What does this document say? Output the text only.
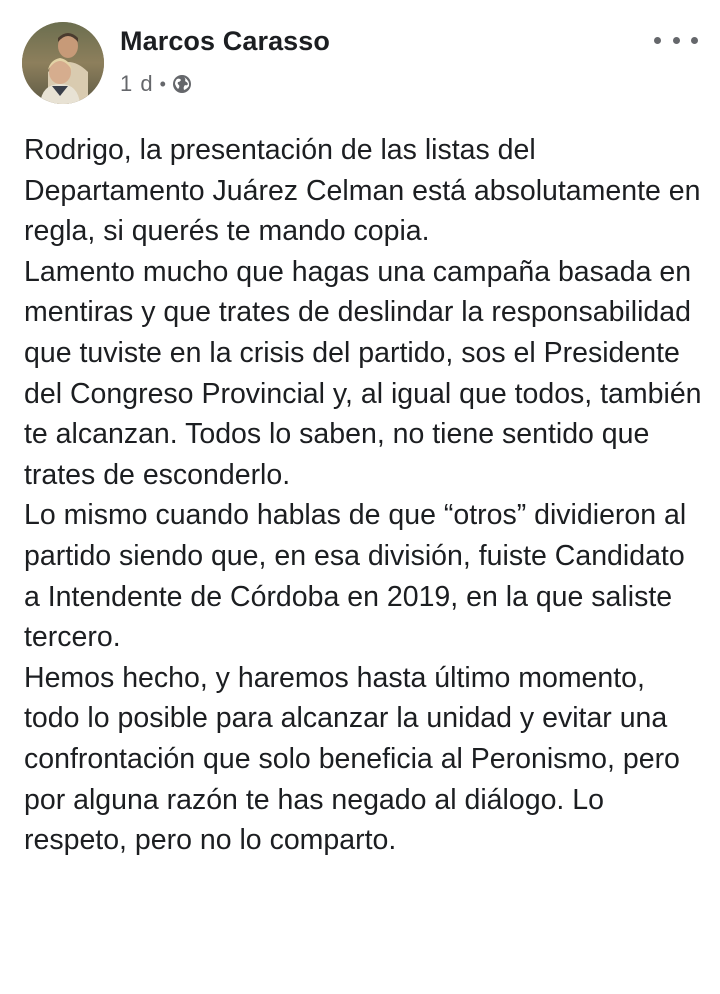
Marcos Carasso
1 d •

Rodrigo, la presentación de las listas del Departamento Juárez Celman está absolutamente en regla, si querés te mando copia.

Lamento mucho que hagas una campaña basada en mentiras y que trates de deslindar la responsabilidad que tuviste en la crisis del partido, sos el Presidente del Congreso Provincial y, al igual que todos, también te alcanzan. Todos lo saben, no tiene sentido que trates de esconderlo.

Lo mismo cuando hablas de que “otros” dividieron al partido siendo que, en esa división, fuiste Candidato a Intendente de Córdoba en 2019, en la que saliste tercero.

Hemos hecho, y haremos hasta último momento, todo lo posible para alcanzar la unidad y evitar una confrontación que solo beneficia al Peronismo, pero por alguna razón te has negado al diálogo. Lo respeto, pero no lo comparto.
